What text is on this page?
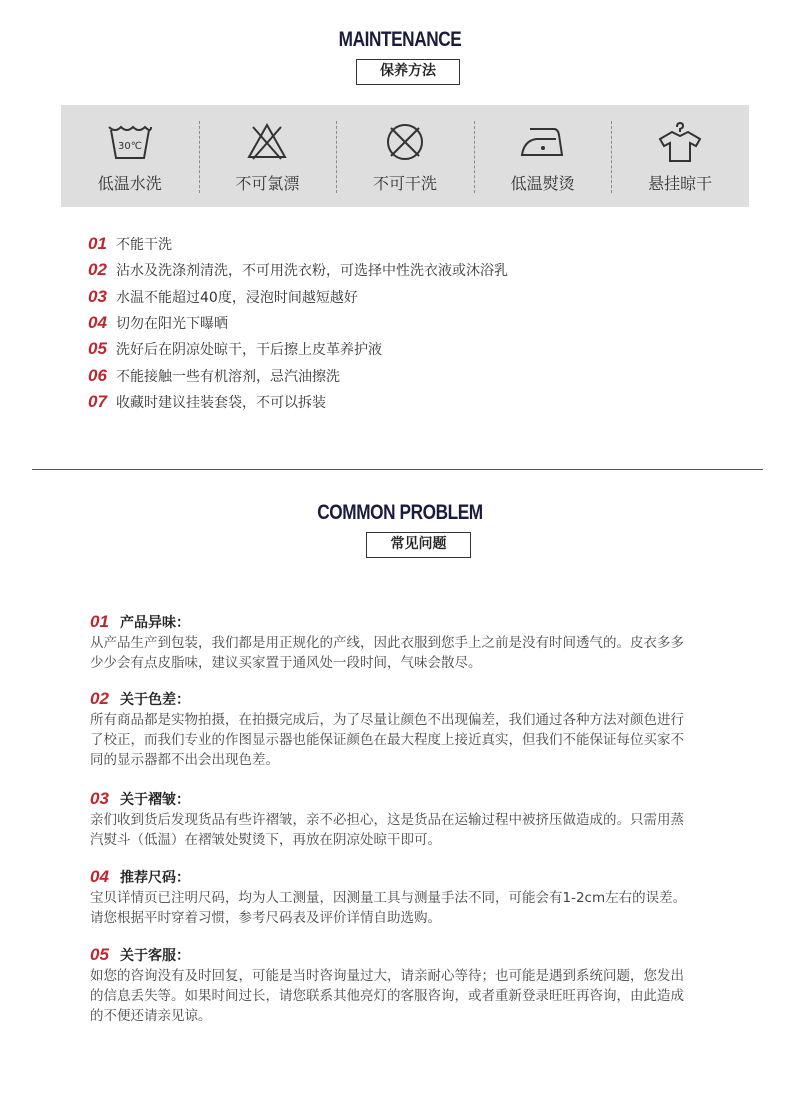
MAINTENANCE
保养方法
30℃
低温水洗	不可氯漂	不可干洗	低温熨烫	悬挂晾干
01 不能干洗
02 沾水及洗涤剂清洗，不可用洗衣粉，可选择中性洗衣液或沐浴乳
03 水温不能超过40度，浸泡时间越短越好
04 切勿在阳光下曝晒
05 洗好后在阴凉处晾干，干后擦上皮革养护液
06 不能接触一些有机溶剂，忌汽油擦洗
07 收藏时建议挂装套袋，不可以拆装
COMMON PROBLEM
常见问题
01 产品异味：
从产品生产到包装，我们都是用正规化的产线，因此衣服到您手上之前是没有时间透气的。皮衣多多
少少会有点皮脂味，建议买家置于通风处一段时间，气味会散尽。
02 关于色差：
所有商品都是实物拍摄，在拍摄完成后，为了尽量让颜色不出现偏差，我们通过各种方法对颜色进行
了校正，而我们专业的作图显示器也能保证颜色在最大程度上接近真实，但我们不能保证每位买家不
同的显示器都不出会出现色差。
03 关于褶皱：
亲们收到货后发现货品有些许褶皱，亲不必担心，这是货品在运输过程中被挤压做造成的。只需用蒸
汽熨斗（低温）在褶皱处熨烫下，再放在阴凉处晾干即可。
04 推荐尺码：
宝贝详情页已注明尺码，均为人工测量，因测量工具与测量手法不同，可能会有1-2cm左右的误差。
请您根据平时穿着习惯，参考尺码表及评价详情自助选购。
05 关于客服：
如您的咨询没有及时回复，可能是当时咨询量过大，请亲耐心等待；也可能是遇到系统问题，您发出
的信息丢失等。如果时间过长，请您联系其他亮灯的客服咨询，或者重新登录旺旺再咨询，由此造成
的不便还请亲见谅。
